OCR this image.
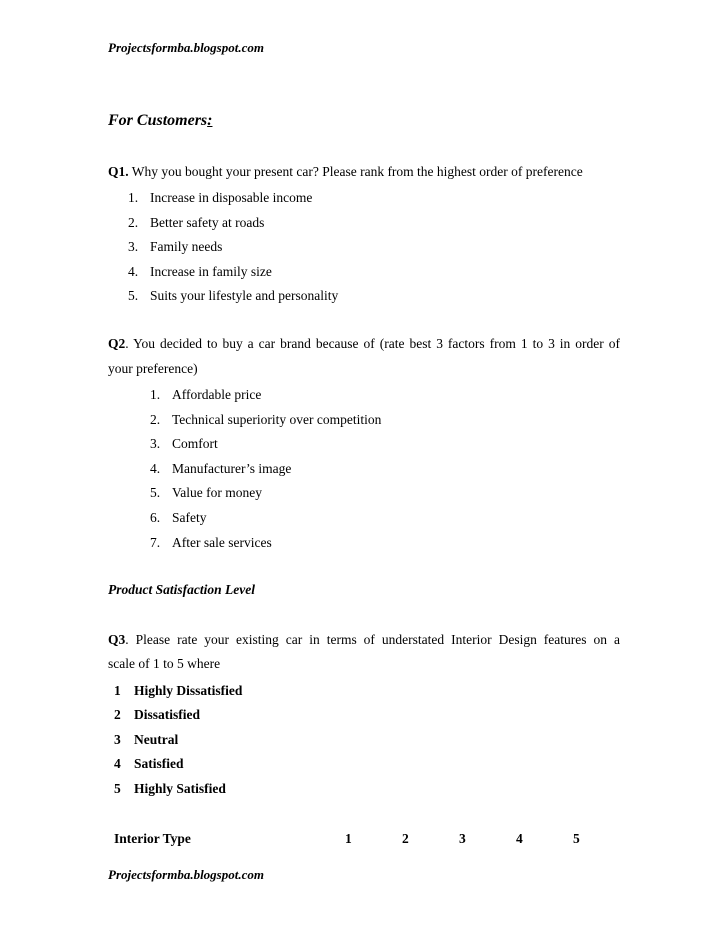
Projectsformba.blogspot.com
For Customers:
Q1. Why you bought your present car? Please rank from the highest order of preference
1. Increase in disposable income
2. Better safety at roads
3. Family needs
4. Increase in family size
5. Suits your lifestyle and personality
Q2. You decided to buy a car brand because of (rate best 3 factors from 1 to 3 in order of
your preference)
1. Affordable price
2. Technical superiority over competition
3. Comfort
4. Manufacturer’s image
5. Value for money
6. Safety
7. After sale services
Product Satisfaction Level
Q3. Please rate your existing car in terms of understated Interior Design features on a
scale of 1 to 5 where
1 Highly Dissatisfied
2 Dissatisfied
3 Neutral
4 Satisfied
5 Highly Satisfied
Interior Type	1	2	3	4	5
Projectsformba.blogspot.com
